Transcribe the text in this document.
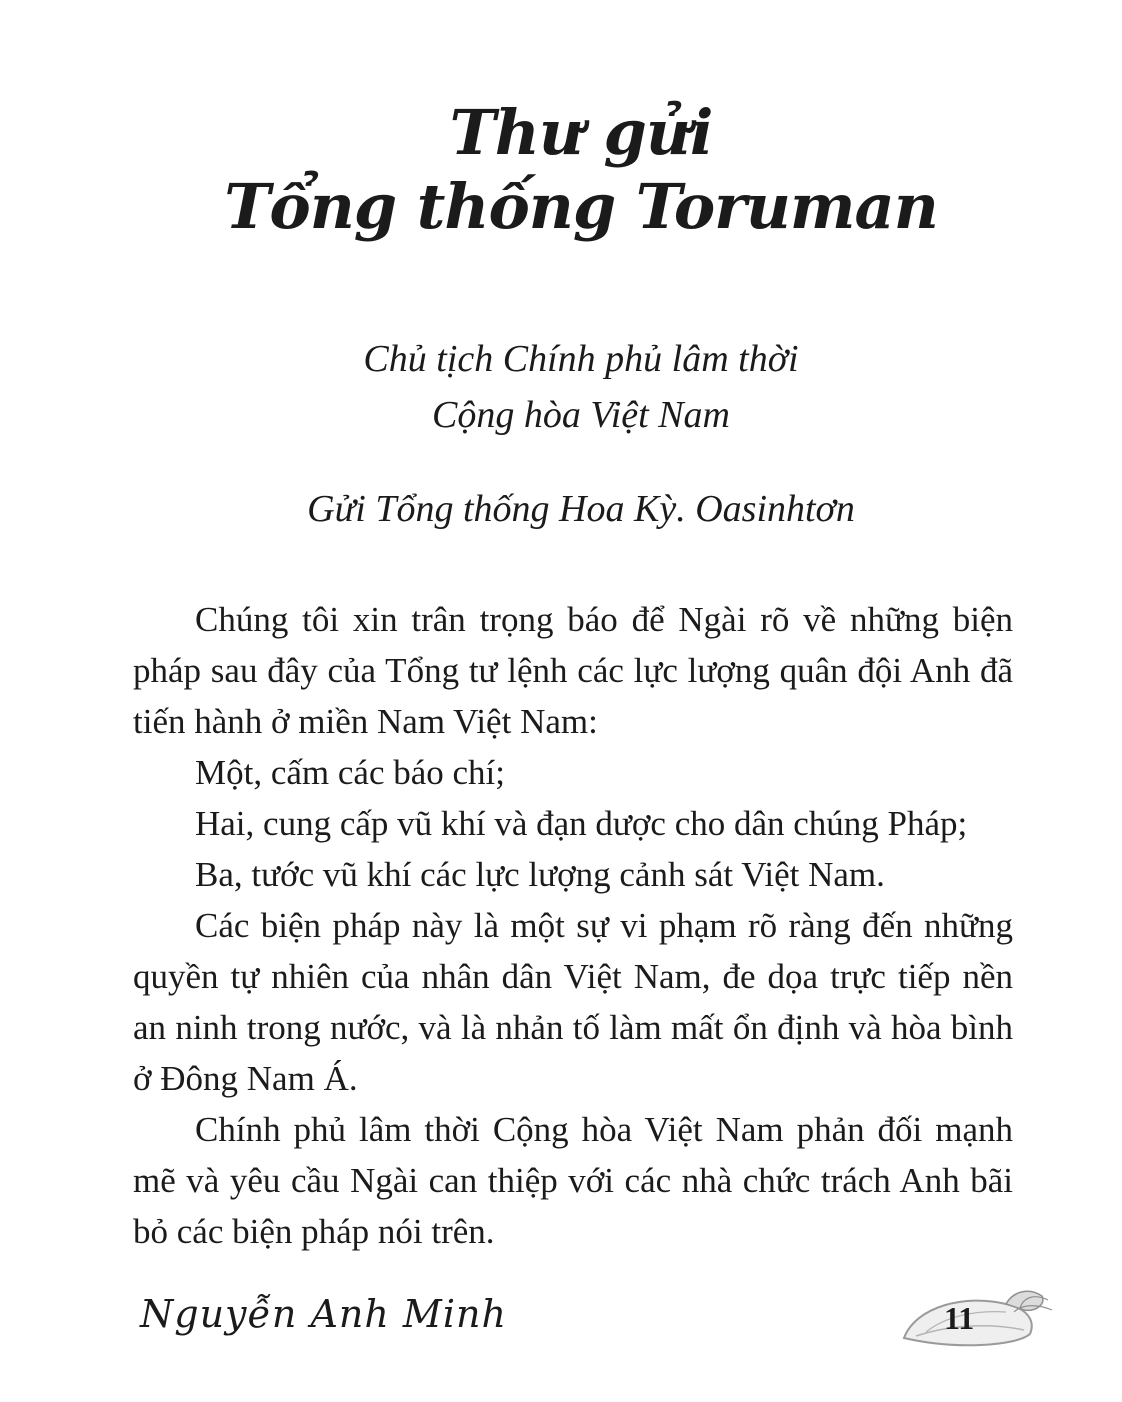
Thư gửi
Tổng thống Toruman
Chủ tịch Chính phủ lâm thời
Cộng hòa Việt Nam
Gửi Tổng thống Hoa Kỳ. Oasinhtơn

Chúng tôi xin trân trọng báo để Ngài rõ về những biện pháp sau đây của Tổng tư lệnh các lực lượng quân đội Anh đã tiến hành ở miền Nam Việt Nam:

Một, cấm các báo chí;

Hai, cung cấp vũ khí và đạn dược cho dân chúng Pháp;

Ba, tước vũ khí các lực lượng cảnh sát Việt Nam.

Các biện pháp này là một sự vi phạm rõ ràng đến những quyền tự nhiên của nhân dân Việt Nam, đe dọa trực tiếp nền an ninh trong nước, và là nhản tố làm mất ổn định và hòa bình ở Đông Nam Á.

Chính phủ lâm thời Cộng hòa Việt Nam phản đối mạnh mẽ và yêu cầu Ngài can thiệp với các nhà chức trách Anh bãi bỏ các biện pháp nói trên.

Nguyễn Anh Minh	11
